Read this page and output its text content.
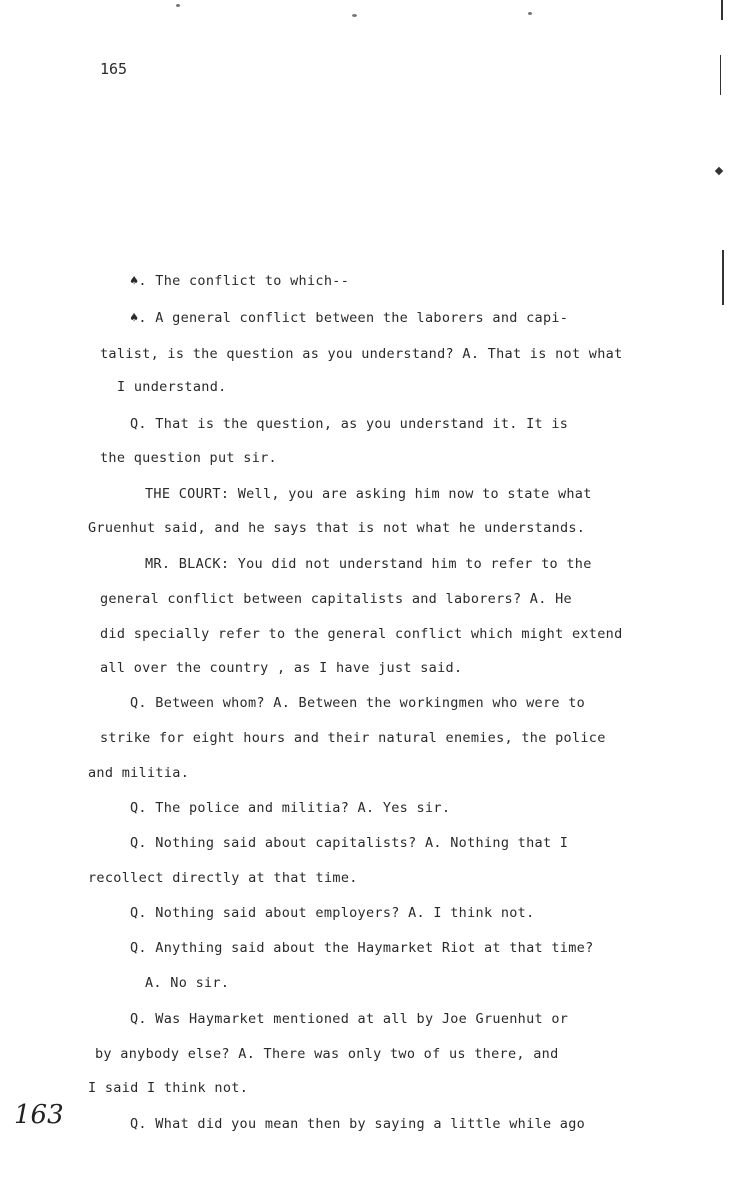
165
♠. The conflict to which--
♠. A general conflict between the laborers and capi-
talist, is the question as you understand? A. That is not what
I understand.
Q. That is the question, as you understand it. It is
the question put sir.
THE COURT: Well, you are asking him now to state what
Gruenhut said, and he says that is not what he understands.
MR. BLACK: You did not understand him to refer to the
general conflict between capitalists and laborers? A. He
did specially refer to the general conflict which might extend
all over the country , as I have just said.
Q. Between whom? A. Between the workingmen who were to
strike for eight hours and their natural enemies, the police
and militia.
Q. The police and militia? A. Yes sir.
Q. Nothing said about capitalists? A. Nothing that I
recollect directly at that time.
Q. Nothing said about employers? A. I think not.
Q. Anything said about the Haymarket Riot at that time?
A. No sir.
Q. Was Haymarket mentioned at all by Joe Gruenhut or
by anybody else? A. There was only two of us there, and
I said I think not.
Q. What did you mean then by saying a little while ago
163
